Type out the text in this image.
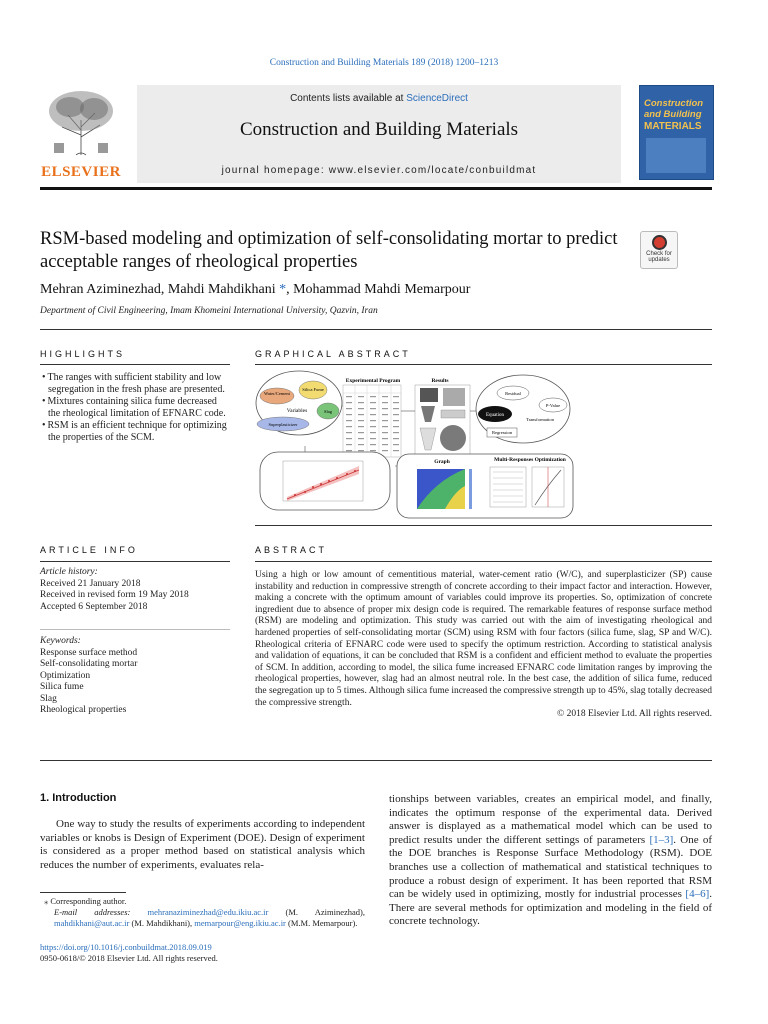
Construction and Building Materials 189 (2018) 1200–1213
ELSEVIER
Contents lists available at ScienceDirect
Construction and Building Materials
journal homepage: www.elsevier.com/locate/conbuildmat
Construction and Building
MATERIALS
RSM-based modeling and optimization of self-consolidating mortar to predict acceptable ranges of rheological properties	Check for updates
Mehran Aziminezhad, Mahdi Mahdikhani *, Mohammad Mahdi Memarpour
Department of Civil Engineering, Imam Khomeini International University, Qazvin, Iran
HIGHLIGHTS
• The ranges with sufficient stability and low segregation in the fresh phase are presented.
• Mixtures containing silica fume decreased the rheological limitation of EFNARC code.
• RSM is an efficient technique for optimizing the properties of the SCM.
GRAPHICAL ABSTRACT
Water/Cement
Silica Fume
Variables	Slag
Superplasticizer
Experimental Program	Results
Residual
P-Value
Equation
Transformation
Regression
Graph	Multi-Responses Optimization
ARTICLE INFO
Article history:
Received 21 January 2018
Received in revised form 19 May 2018
Accepted 6 September 2018
Keywords:
Response surface method
Self-consolidating mortar
Optimization
Silica fume
Slag
Rheological properties
ABSTRACT
Using a high or low amount of cementitious material, water-cement ratio (W/C), and superplasticizer (SP) cause instability and reduction in compressive strength of concrete according to their impact factor and interaction. However, making a concrete with the optimum amount of variables could improve its properties. So, optimization of concrete ingredient due to absence of proper mix design code is required. The remarkable features of response surface method (RSM) are modeling and optimization. This study was carried out with the aim of investigating rheological and hardened properties of self-consolidating mortar (SCM) using RSM with four factors (silica fume, slag, SP and W/C). Rheological criteria of EFNARC code were used to specify the optimum restriction. According to statistical analysis and validation of equations, it can be concluded that RSM is a confident and efficient method to evaluate the properties of SCM. In addition, according to model, the silica fume increased EFNARC code limitation ranges by improving the rheological properties, however, slag had an almost neutral role. In the best case, the addition of silica fume, reduced the segregation up to 5 times. Although silica fume increased the compressive strength up to 45%, slag totally decreased the compressive strength.
© 2018 Elsevier Ltd. All rights reserved.
1. Introduction
One way to study the results of experiments according to independent variables or knobs is Design of Experiment (DOE). Design of experiment is considered as a proper method based on statistical analysis which reduces the number of experiments, evaluates rela-
tionships between variables, creates an empirical model, and finally, indicates the optimum response of the experimental data. Derived answer is displayed as a mathematical model which can be used to predict results under the different settings of parameters [1–3]. One of the DOE branches is Response Surface Methodology (RSM). DOE branches use a collection of mathematical and statistical techniques to produce a robust design of experiment. It has been reported that RSM can be widely used in optimizing, mostly for industrial processes [4–6]. There are several methods for optimization and modeling in the field of concrete technology.
⁎ Corresponding author.
E-mail addresses: mehranaziminezhad@edu.ikiu.ac.ir (M. Aziminezhad), mahdikhani@aut.ac.ir (M. Mahdikhani), memarpour@eng.ikiu.ac.ir (M.M. Memarpour).
https://doi.org/10.1016/j.conbuildmat.2018.09.019
0950-0618/© 2018 Elsevier Ltd. All rights reserved.
